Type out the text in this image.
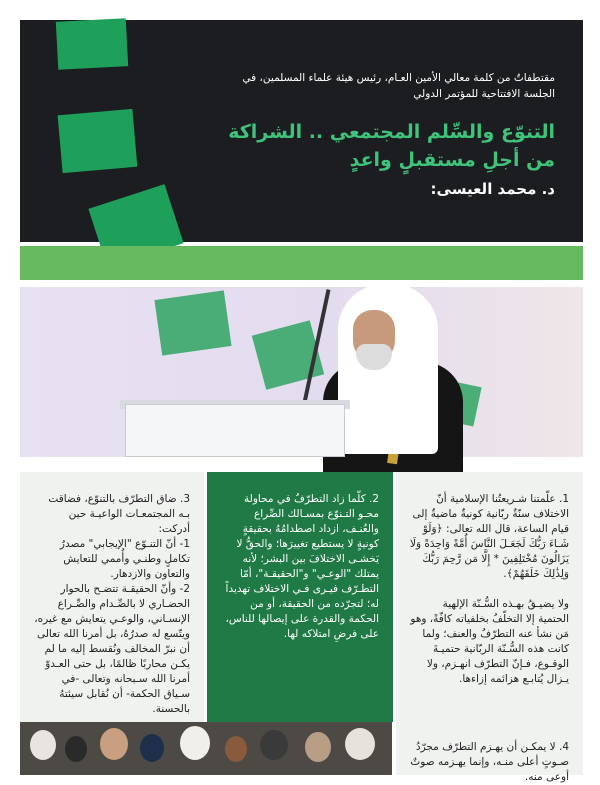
مقتطفاتٌ من كلمة معالي الأمين العـام، رئيس هيئة علماء المسلمين، في الجلسة الافتتاحية للمؤتمر الدولي

التنوّع والسِّلم المجتمعي .. الشراكة من أجلِ مستقبلٍ واعدٍ
د. محمد العيسى:
1. علّمتنا شـريعتُنا الإسلامية أنّ الاختلاف سنّةٌ ربّانية كونيةٌ ماضيةٌ إلى قيام الساعة، قال الله تعالى: ﴿وَلَوْ شَـاءَ رَبُّكَ لَجَعَـلَ النَّاسَ أُمَّةً وَاحِدَةً وَلَا يَزَالُونَ مُخْتَلِفِينَ * إِلَّا مَن رَّحِمَ رَبُّكَ وَلِذَٰلِكَ خَلَقَهُمْ﴾.

ولا يضيـقُ بهـذه السُّـنّة الإلهية الحتمية إلا التخلّفُ بخلفياته كافّةً، وهو مَن نشأ عنه التطرّفُ والعنف؛ ولما كانت هذه السُّـنّة الربّانية حتميـةَ الوقـوع، فـإنّ التطرّف انهـزم، ولا يـزال يُتابـع هزائمه إزاءها.
2. كلّما زاد التطرّفُ في محاولة محـو التـنوّع بمسـالك الصِّراع والعُنـف، ازداد اصطدامُهُ بحقيقةٍ كونيةٍ لا يستطيع تغييرَها؛ والحقُّ لا يَخشـى الاختلافَ بين البشر؛ لأنه يمتلك "الوعـي" و"الحقيقـة"، أمّا التطـرّف فيـرى فـي الاختلاف تهديداً له؛ لتجرّده من الحقيقة، أو من الحكمة والقدرة على إيصالها للناس، على فرضِ امتلاكه لها.
3. ضاق التطرّف بالتنوّع، فضاقت بـه المجتمعـات الواعيـة حين أدركت:
1- أنّ التنـوّع "الإيجابي" مصدرُ تكاملٍ وطنـي وأُممي للتعايش والتعاون والازدهار.
2- وأنّ الحقيقـة تتضـح بالحوار الحضـاري لا بالصِّـدام والصِّـراع الإنسـاني، والوعـي يتعايش مع غيره، ويتّسع له صدرُهُ، بل أمرنا الله تعالى أن نبرّ المخالف ونُقسط إليه ما لم يكـن محاربًا ظالمًا، بل حتى العـدوّ أمرنا الله سـبحانه وتعالى -في سـياق الحكمة- أن نُقابل سيئتهُ بالحسنة.
4. لا يمكـن أن يهـزم التطرّف مجرّدُ صـوتٍ أعلى منـه، وإنما يهـزمه صوتٌ أوعى منه.
